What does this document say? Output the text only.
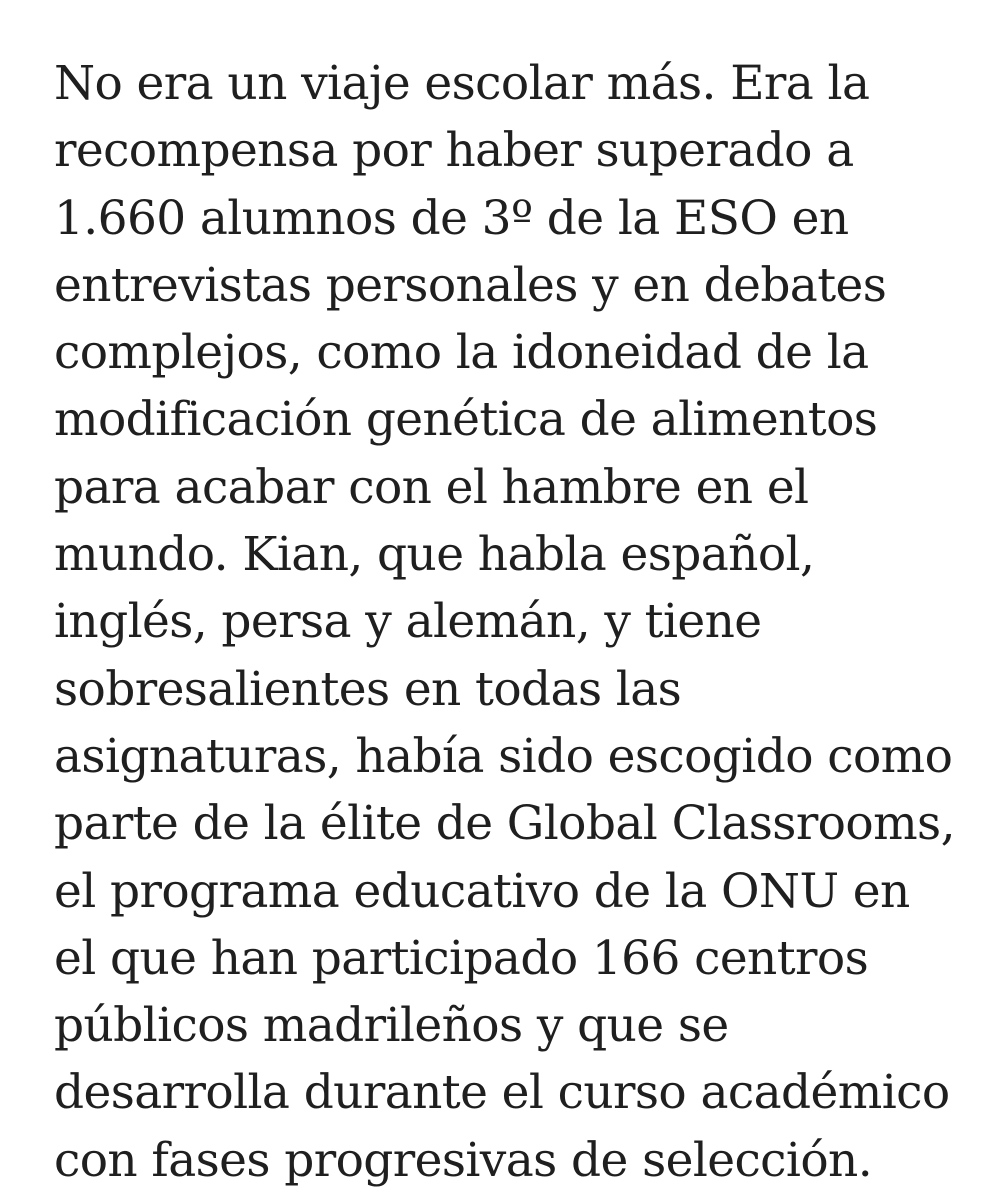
No era un viaje escolar más. Era la
recompensa por haber superado a
1.660 alumnos de 3º de la ESO en
entrevistas personales y en debates
complejos, como la idoneidad de la
modificación genética de alimentos
para acabar con el hambre en el
mundo. Kian, que habla español,
inglés, persa y alemán, y tiene
sobresalientes en todas las
asignaturas, había sido escogido como
parte de la élite de Global Classrooms,
el programa educativo de la ONU en
el que han participado 166 centros
públicos madrileños y que se
desarrolla durante el curso académico
con fases progresivas de selección.
